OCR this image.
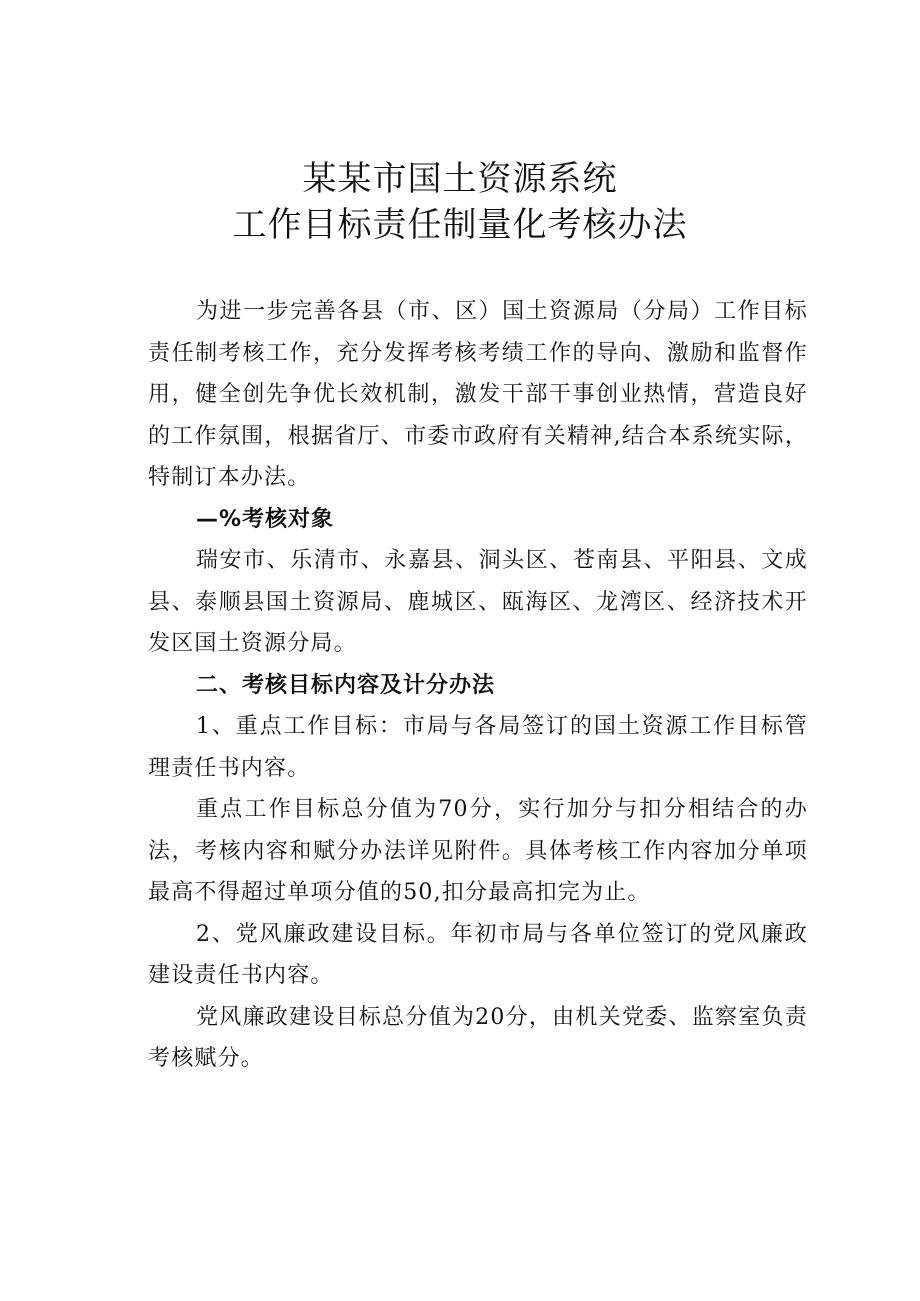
某某市国土资源系统
工作目标责任制量化考核办法

为进一步完善各县（市、区）国土资源局（分局）工作目标责任制考核工作，充分发挥考核考绩工作的导向、激励和监督作用，健全创先争优长效机制，激发干部干事创业热情，营造良好的工作氛围，根据省厅、市委市政府有关精神,结合本系统实际，特制订本办法。

—%考核对象

瑞安市、乐清市、永嘉县、洞头区、苍南县、平阳县、文成县、泰顺县国土资源局、鹿城区、瓯海区、龙湾区、经济技术开发区国土资源分局。

二、考核目标内容及计分办法

1、重点工作目标：市局与各局签订的国土资源工作目标管理责任书内容。

重点工作目标总分值为70分，实行加分与扣分相结合的办法，考核内容和赋分办法详见附件。具体考核工作内容加分单项最高不得超过单项分值的50,扣分最高扣完为止。

2、党风廉政建设目标。年初市局与各单位签订的党风廉政建设责任书内容。

党风廉政建设目标总分值为20分，由机关党委、监察室负责考核赋分。
